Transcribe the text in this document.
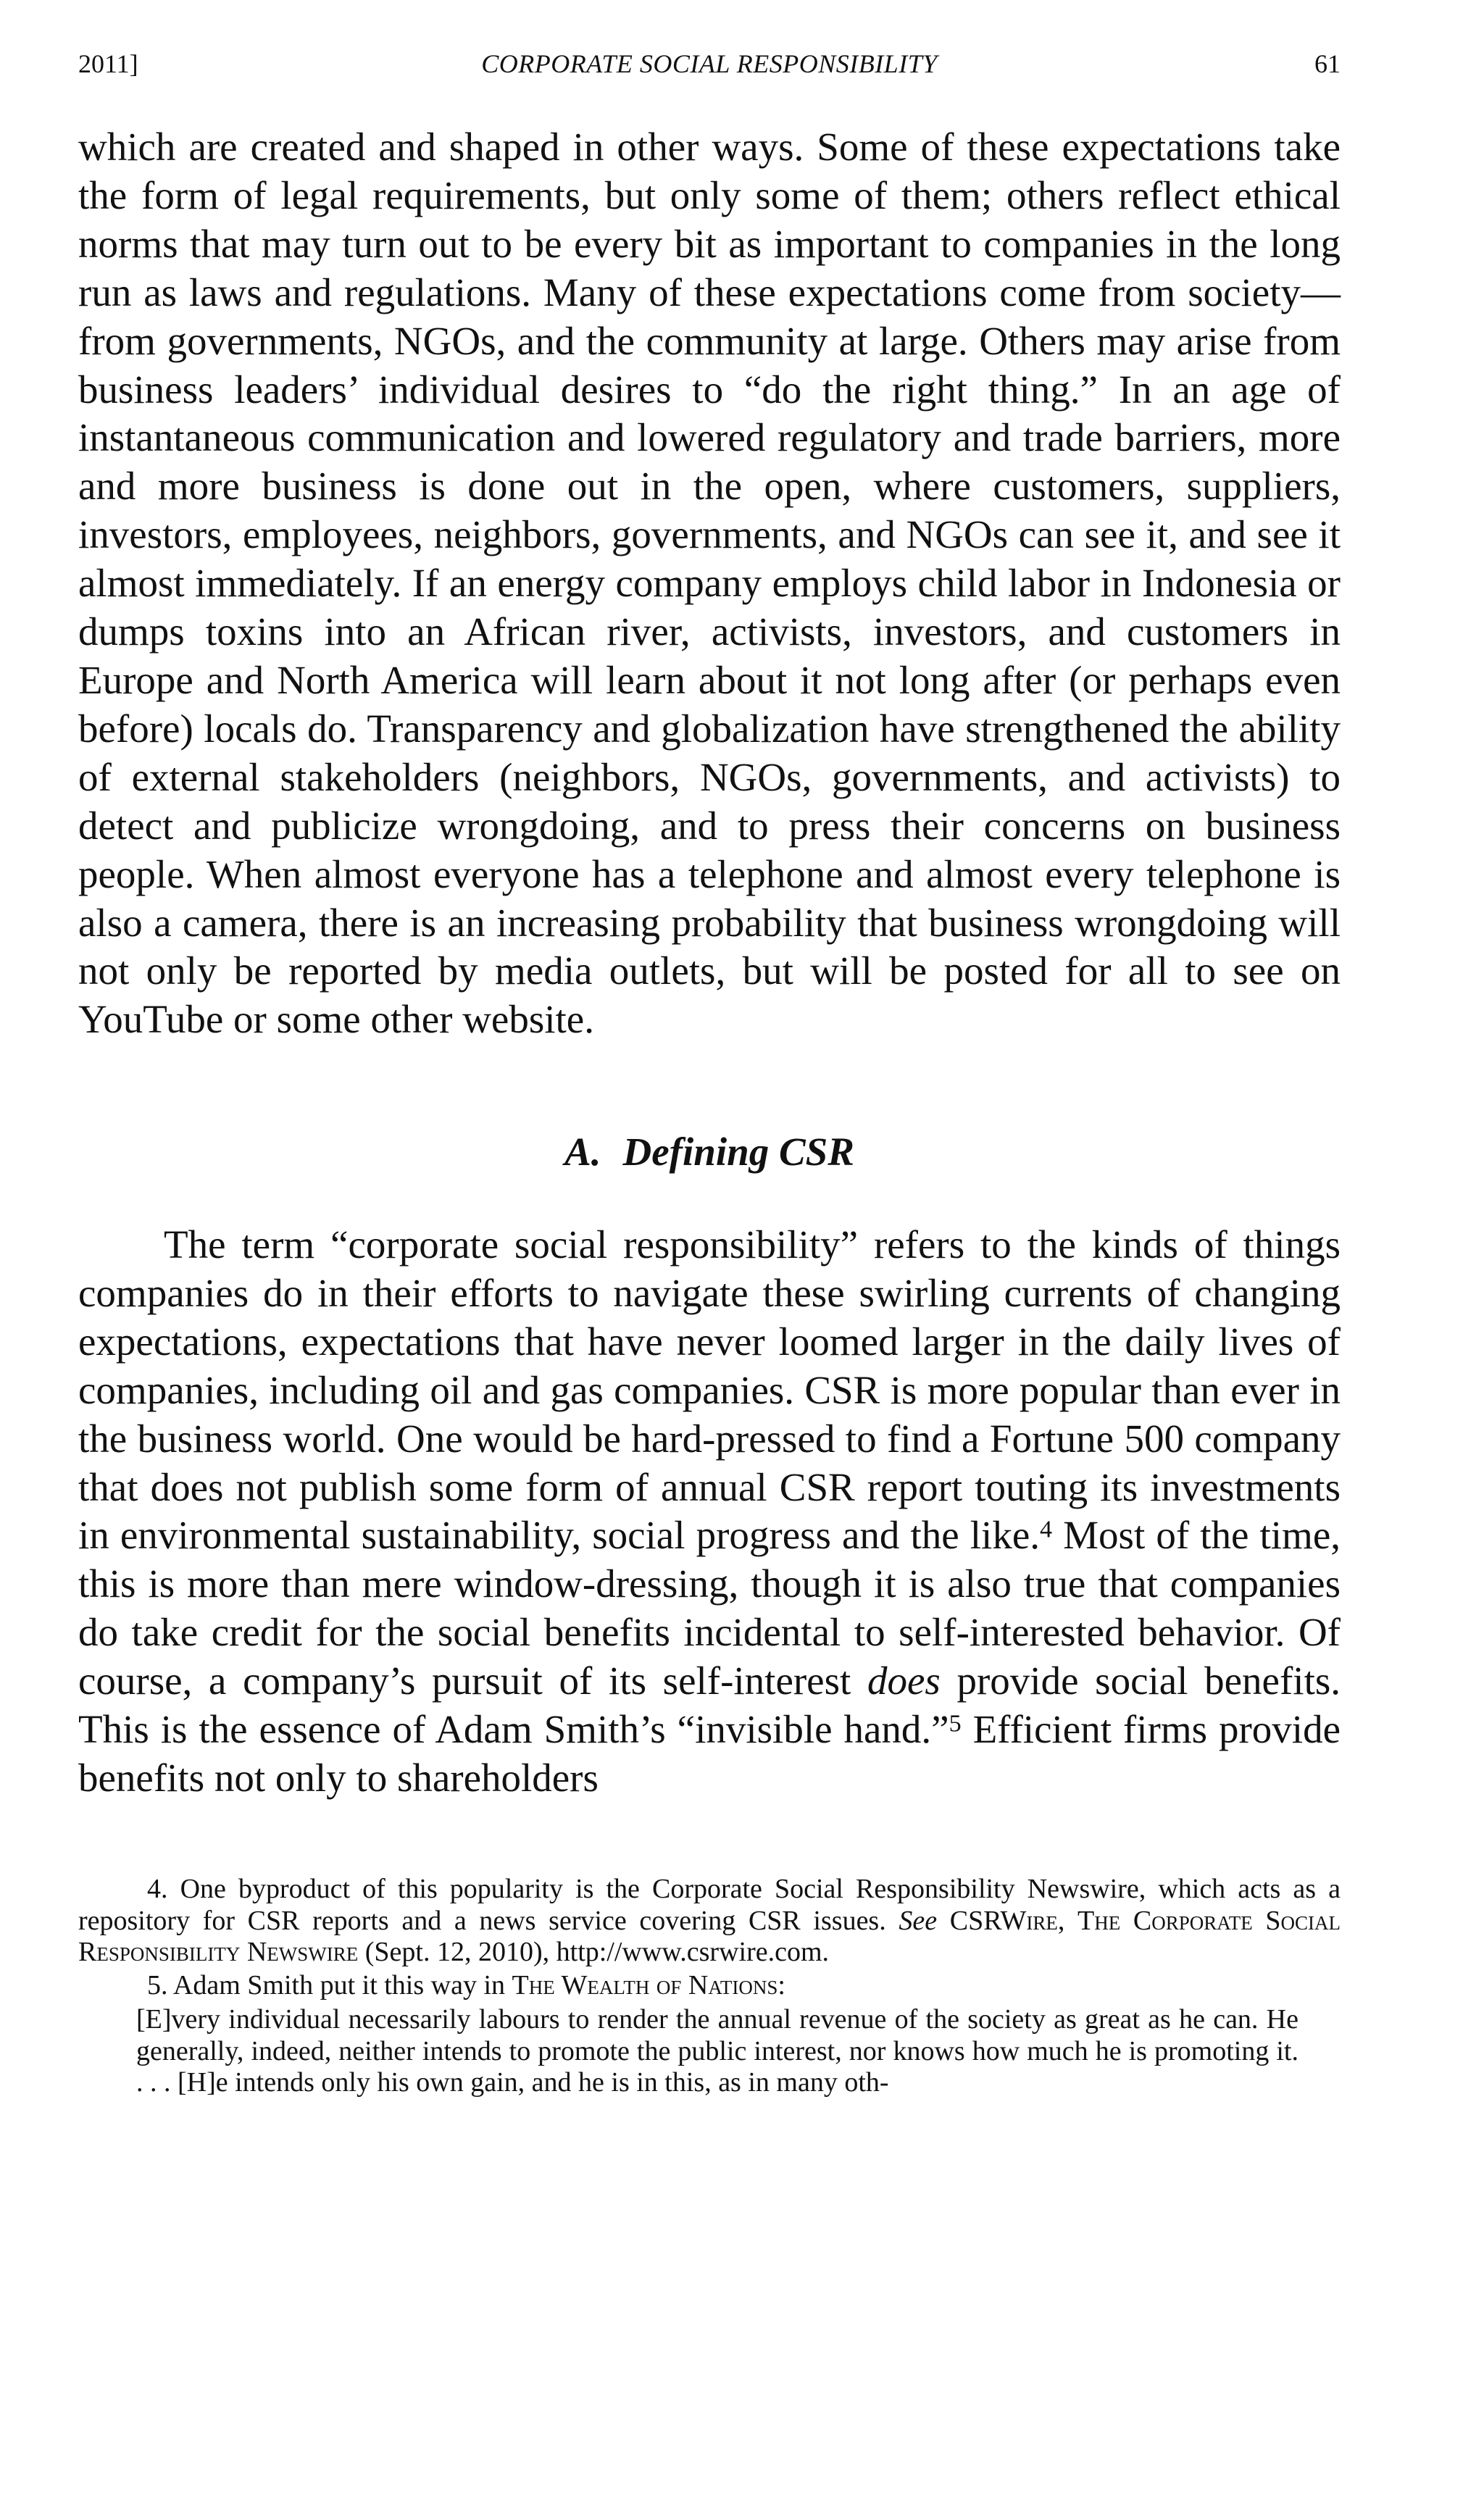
2011]	CORPORATE SOCIAL RESPONSIBILITY	61

which are created and shaped in other ways. Some of these expectations take the form of legal requirements, but only some of them; others reflect ethical norms that may turn out to be every bit as important to companies in the long run as laws and regulations. Many of these expectations come from society—from governments, NGOs, and the community at large. Others may arise from business leaders’ individual desires to “do the right thing.” In an age of instantaneous communication and lowered regulatory and trade barriers, more and more business is done out in the open, where customers, suppliers, investors, employees, neighbors, governments, and NGOs can see it, and see it almost immediately. If an energy company employs child labor in Indonesia or dumps toxins into an African river, activists, investors, and customers in Europe and North America will learn about it not long after (or perhaps even before) locals do. Transparency and globalization have strengthened the ability of external stakeholders (neighbors, NGOs, governments, and activists) to detect and publicize wrongdoing, and to press their concerns on business people. When almost everyone has a telephone and almost every telephone is also a camera, there is an increasing probability that business wrongdoing will not only be reported by media outlets, but will be posted for all to see on YouTube or some other website.

A. Defining CSR

The term “corporate social responsibility” refers to the kinds of things companies do in their efforts to navigate these swirling currents of changing expectations, expectations that have never loomed larger in the daily lives of companies, including oil and gas companies. CSR is more popular than ever in the business world. One would be hard-pressed to find a Fortune 500 company that does not publish some form of annual CSR report touting its investments in environmental sustainability, social progress and the like.$^4$ Most of the time, this is more than mere window-dressing, though it is also true that companies do take credit for the social benefits incidental to self-interested behavior. Of course, a company’s pursuit of its self-interest does provide social benefits. This is the essence of Adam Smith’s “invisible hand.”$^5$ Efficient firms provide benefits not only to shareholders

4. One byproduct of this popularity is the Corporate Social Responsibility Newswire, which acts as a repository for CSR reports and a news service covering CSR issues. See CSRWire, The Corporate Social Responsibility Newswire (Sept. 12, 2010), http://www.csrwire.com.

5. Adam Smith put it this way in The Wealth of Nations:

[E]very individual necessarily labours to render the annual revenue of the society as great as he can. He generally, indeed, neither intends to promote the public interest, nor knows how much he is promoting it. . . . [H]e intends only his own gain, and he is in this, as in many oth-
